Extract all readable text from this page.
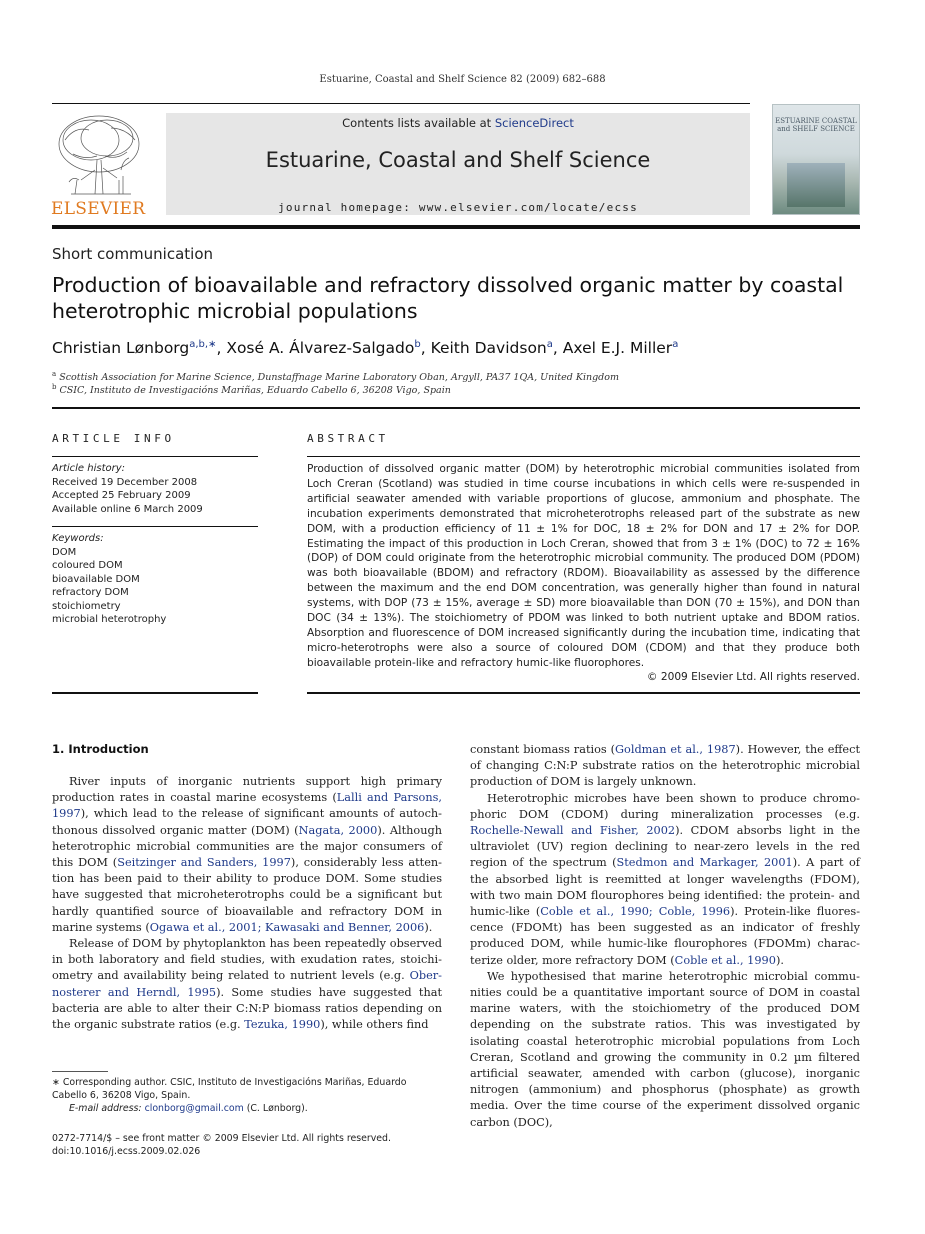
Estuarine, Coastal and Shelf Science 82 (2009) 682–688
ELSEVIER
Contents lists available at ScienceDirect
Estuarine, Coastal and Shelf Science
journal homepage: www.elsevier.com/locate/ecss
ESTUARINE COASTAL and SHELF SCIENCE
Short communication
Production of bioavailable and refractory dissolved organic matter by coastal heterotrophic microbial populations
Christian Lønborg$^{a,b,∗}$, Xosé A. Álvarez-Salgado$^b$, Keith Davidson$^a$, Axel E.J. Miller$^a$
$^a$ Scottish Association for Marine Science, Dunstaffnage Marine Laboratory Oban, Argyll, PA37 1QA, United Kingdom
$^b$ CSIC, Instituto de Investigacións Mariñas, Eduardo Cabello 6, 36208 Vigo, Spain
ARTICLE INFO
Article history:
Received 19 December 2008
Accepted 25 February 2009
Available online 6 March 2009
Keywords:
DOM
coloured DOM
bioavailable DOM
refractory DOM
stoichiometry
microbial heterotrophy
ABSTRACT
Production of dissolved organic matter (DOM) by heterotrophic microbial communities isolated from Loch Creran (Scotland) was studied in time course incubations in which cells were re-suspended in artificial seawater amended with variable proportions of glucose, ammonium and phosphate. The incubation experiments demonstrated that microheterotrophs released part of the substrate as new DOM, with a production efficiency of 11 ± 1% for DOC, 18 ± 2% for DON and 17 ± 2% for DOP. Estimating the impact of this production in Loch Creran, showed that from 3 ± 1% (DOC) to 72 ± 16% (DOP) of DOM could originate from the heterotrophic microbial community. The produced DOM (PDOM) was both bioavailable (BDOM) and refractory (RDOM). Bioavailability as assessed by the difference between the maximum and the end DOM concentration, was generally higher than found in natural systems, with DOP (73 ± 15%, average ± SD) more bioavailable than DON (70 ± 15%), and DON than DOC (34 ± 13%). The stoichiometry of PDOM was linked to both nutrient uptake and BDOM ratios. Absorption and fluorescence of DOM increased significantly during the incubation time, indicating that micro-heterotrophs were also a source of coloured DOM (CDOM) and that they produce both bioavailable protein-like and refractory humic-like fluorophores.
© 2009 Elsevier Ltd. All rights reserved.
1. Introduction

River inputs of inorganic nutrients support high primary production rates in coastal marine ecosystems (Lalli and Parsons, 1997), which lead to the release of significant amounts of autoch-thonous dissolved organic matter (DOM) (Nagata, 2000). Although heterotrophic microbial communities are the major consumers of this DOM (Seitzinger and Sanders, 1997), considerably less atten-tion has been paid to their ability to produce DOM. Some studies have suggested that microheterotrophs could be a significant but hardly quantified source of bioavailable and refractory DOM in marine systems (Ogawa et al., 2001; Kawasaki and Benner, 2006).

Release of DOM by phytoplankton has been repeatedly observed in both laboratory and field studies, with exudation rates, stoichi-ometry and availability being related to nutrient levels (e.g. Ober-nosterer and Herndl, 1995). Some studies have suggested that bacteria are able to alter their C:N:P biomass ratios depending on the organic substrate ratios (e.g. Tezuka, 1990), while others find

constant biomass ratios (Goldman et al., 1987). However, the effect of changing C:N:P substrate ratios on the heterotrophic microbial production of DOM is largely unknown.

Heterotrophic microbes have been shown to produce chromo-phoric DOM (CDOM) during mineralization processes (e.g. Rochelle-Newall and Fisher, 2002). CDOM absorbs light in the ultraviolet (UV) region declining to near-zero levels in the red region of the spectrum (Stedmon and Markager, 2001). A part of the absorbed light is reemitted at longer wavelengths (FDOM), with two main DOM flourophores being identified: the protein- and humic-like (Coble et al., 1990; Coble, 1996). Protein-like fluores-cence (FDOMt) has been suggested as an indicator of freshly produced DOM, while humic-like flourophores (FDOMm) charac-terize older, more refractory DOM (Coble et al., 1990).

We hypothesised that marine heterotrophic microbial commu-nities could be a quantitative important source of DOM in coastal marine waters, with the stoichiometry of the produced DOM depending on the substrate ratios. This was investigated by isolating coastal heterotrophic microbial populations from Loch Creran, Scotland and growing the community in 0.2 µm filtered artificial seawater, amended with carbon (glucose), inorganic nitrogen (ammonium) and phosphorus (phosphate) as growth media. Over the time course of the experiment dissolved organic carbon (DOC),

∗ Corresponding author. CSIC, Instituto de Investigacións Mariñas, Eduardo Cabello 6, 36208 Vigo, Spain.
E-mail address: clonborg@gmail.com (C. Lønborg).
0272-7714/$ – see front matter © 2009 Elsevier Ltd. All rights reserved.
doi:10.1016/j.ecss.2009.02.026
